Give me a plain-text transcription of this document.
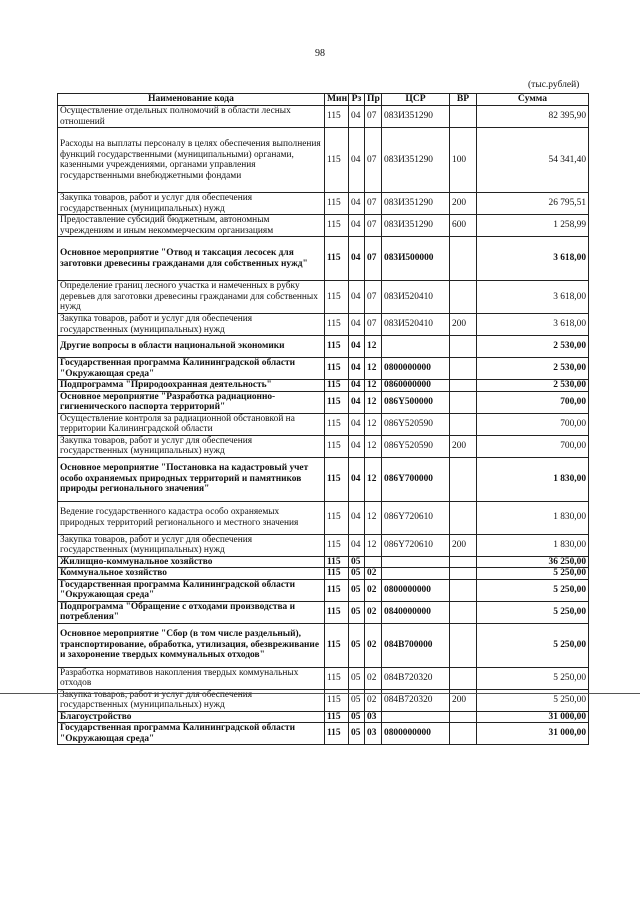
98
(тыс.рублей)
Наименование кода	Мин	Рз	Пр	ЦСР	ВР	Сумма
Осуществление отдельных полномочий в области лесных отношений	115	04	07	083И351290		82 395,90
Расходы на выплаты персоналу в целях обеспечения выполнения функций государственными (муниципальными) органами, казенными учреждениями, органами управления государственными внебюджетными фондами	115	04	07	083И351290	100	54 341,40
Закупка товаров, работ и услуг для обеспечения государственных (муниципальных) нужд	115	04	07	083И351290	200	26 795,51
Предоставление субсидий бюджетным, автономным учреждениям и иным некоммерческим организациям	115	04	07	083И351290	600	1 258,99
Основное мероприятие "Отвод и таксация лесосек для заготовки древесины гражданами для собственных нужд"	115	04	07	083И500000		3 618,00
Определение границ лесного участка и намеченных в рубку деревьев для заготовки древесины гражданами для собственных нужд	115	04	07	083И520410		3 618,00
Закупка товаров, работ и услуг для обеспечения государственных (муниципальных) нужд	115	04	07	083И520410	200	3 618,00
Другие вопросы в области национальной экономики	115	04	12			2 530,00
Государственная программа Калининградской области "Окружающая среда"	115	04	12	0800000000		2 530,00
Подпрограмма "Природоохранная деятельность"	115	04	12	0860000000		2 530,00
Основное мероприятие "Разработка радиационно-гигиенического паспорта территорий"	115	04	12	086Y500000		700,00
Осуществление контроля за радиационной обстановкой на территории Калининградской области	115	04	12	086Y520590		700,00
Закупка товаров, работ и услуг для обеспечения государственных (муниципальных) нужд	115	04	12	086Y520590	200	700,00
Основное мероприятие "Постановка на кадастровый учет особо охраняемых природных территорий и памятников природы регионального значения"	115	04	12	086Y700000		1 830,00
Ведение государственного кадастра особо охраняемых природных территорий регионального и местного значения	115	04	12	086Y720610		1 830,00
Закупка товаров, работ и услуг для обеспечения государственных (муниципальных) нужд	115	04	12	086Y720610	200	1 830,00
Жилищно-коммунальное хозяйство	115	05				36 250,00
Коммунальное хозяйство	115	05	02			5 250,00
Государственная программа Калининградской области "Окружающая среда"	115	05	02	0800000000		5 250,00
Подпрограмма "Обращение с отходами производства и потребления"	115	05	02	0840000000		5 250,00
Основное мероприятие "Сбор (в том числе раздельный), транспортирование, обработка, утилизация, обезвреживание и захоронение твердых коммунальных отходов"	115	05	02	084В700000		5 250,00
Разработка нормативов накопления твердых коммунальных отходов	115	05	02	084В720320		5 250,00
Закупка товаров, работ и услуг для обеспечения государственных (муниципальных) нужд	115	05	02	084В720320	200	5 250,00
Благоустройство	115	05	03			31 000,00
Государственная программа Калининградской области "Окружающая среда"	115	05	03	0800000000		31 000,00
